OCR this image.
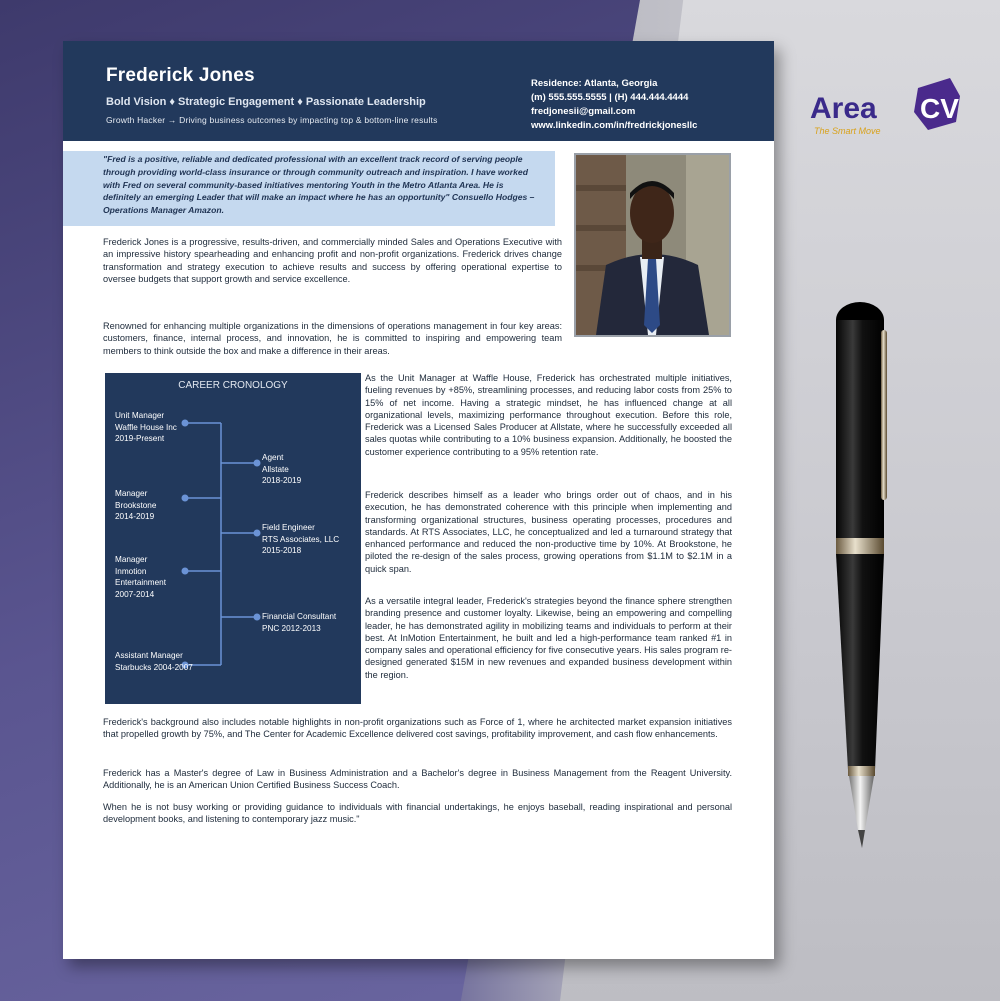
Area CV
The Smart Move
Frederick Jones
Bold Vision ♦ Strategic Engagement ♦ Passionate Leadership
Growth Hacker → Driving business outcomes by impacting top & bottom-line results
Residence: Atlanta, Georgia
(m) 555.555.5555 | (H) 444.444.4444
fredjonesii@gmail.com
www.linkedin.com/in/fredrickjonesllc
"Fred is a positive, reliable and dedicated professional with an excellent track record of serving people through providing world-class insurance or through community outreach and inspiration. I have worked with Fred on several community-based initiatives mentoring Youth in the Metro Atlanta Area. He is definitely an emerging Leader that will make an impact where he has an opportunity" Consuello Hodges – Operations Manager Amazon.
Frederick Jones is a progressive, results-driven, and commercially minded Sales and Operations Executive with an impressive history spearheading and enhancing profit and non-profit organizations. Frederick drives change transformation and strategy execution to achieve results and success by offering operational expertise to oversee budgets that support growth and service excellence.
Renowned for enhancing multiple organizations in the dimensions of operations management in four key areas: customers, finance, internal process, and innovation, he is committed to inspiring and empowering team members to think outside the box and make a difference in their areas.
CAREER CRONOLOGY
Unit Manager
Waffle House Inc
2019-Present
Manager
Brookstone
2014-2019
Manager
Inmotion
Entertainment
2007-2014
Assistant Manager
Starbucks 2004-2007
Agent
Allstate
2018-2019
Field Engineer
RTS Associates, LLC
2015-2018
Financial Consultant
PNC 2012-2013
As the Unit Manager at Waffle House, Frederick has orchestrated multiple initiatives, fueling revenues by +85%, streamlining processes, and reducing labor costs from 25% to 15% of net income. Having a strategic mindset, he has influenced change at all organizational levels, maximizing performance throughout execution. Before this role, Frederick was a Licensed Sales Producer at Allstate, where he successfully exceeded all sales quotas while contributing to a 10% business expansion. Additionally, he boosted the customer experience contributing to a 95% retention rate.
Frederick describes himself as a leader who brings order out of chaos, and in his execution, he has demonstrated coherence with this principle when implementing and transforming organizational structures, business operating processes, procedures and standards. At RTS Associates, LLC, he conceptualized and led a turnaround strategy that enhanced performance and reduced the non-productive time by 10%. At Brookstone, he piloted the re-design of the sales process, growing operations from $1.1M to $2.1M in a quick span.
As a versatile integral leader, Frederick's strategies beyond the finance sphere strengthen branding presence and customer loyalty. Likewise, being an empowering and compelling leader, he has demonstrated agility in mobilizing teams and individuals to perform at their best. At InMotion Entertainment, he built and led a high-performance team ranked #1 in company sales and operational efficiency for five consecutive years. His sales program re-designed generated $15M in new revenues and expanded business development within the region.
Frederick's background also includes notable highlights in non-profit organizations such as Force of 1, where he architected market expansion initiatives that propelled growth by 75%, and The Center for Academic Excellence delivered cost savings, profitability improvement, and cash flow enhancements.
Frederick has a Master's degree of Law in Business Administration and a Bachelor's degree in Business Management from the Reagent University. Additionally, he is an American Union Certified Business Success Coach.
When he is not busy working or providing guidance to individuals with financial undertakings, he enjoys baseball, reading inspirational and personal development books, and listening to contemporary jazz music."
